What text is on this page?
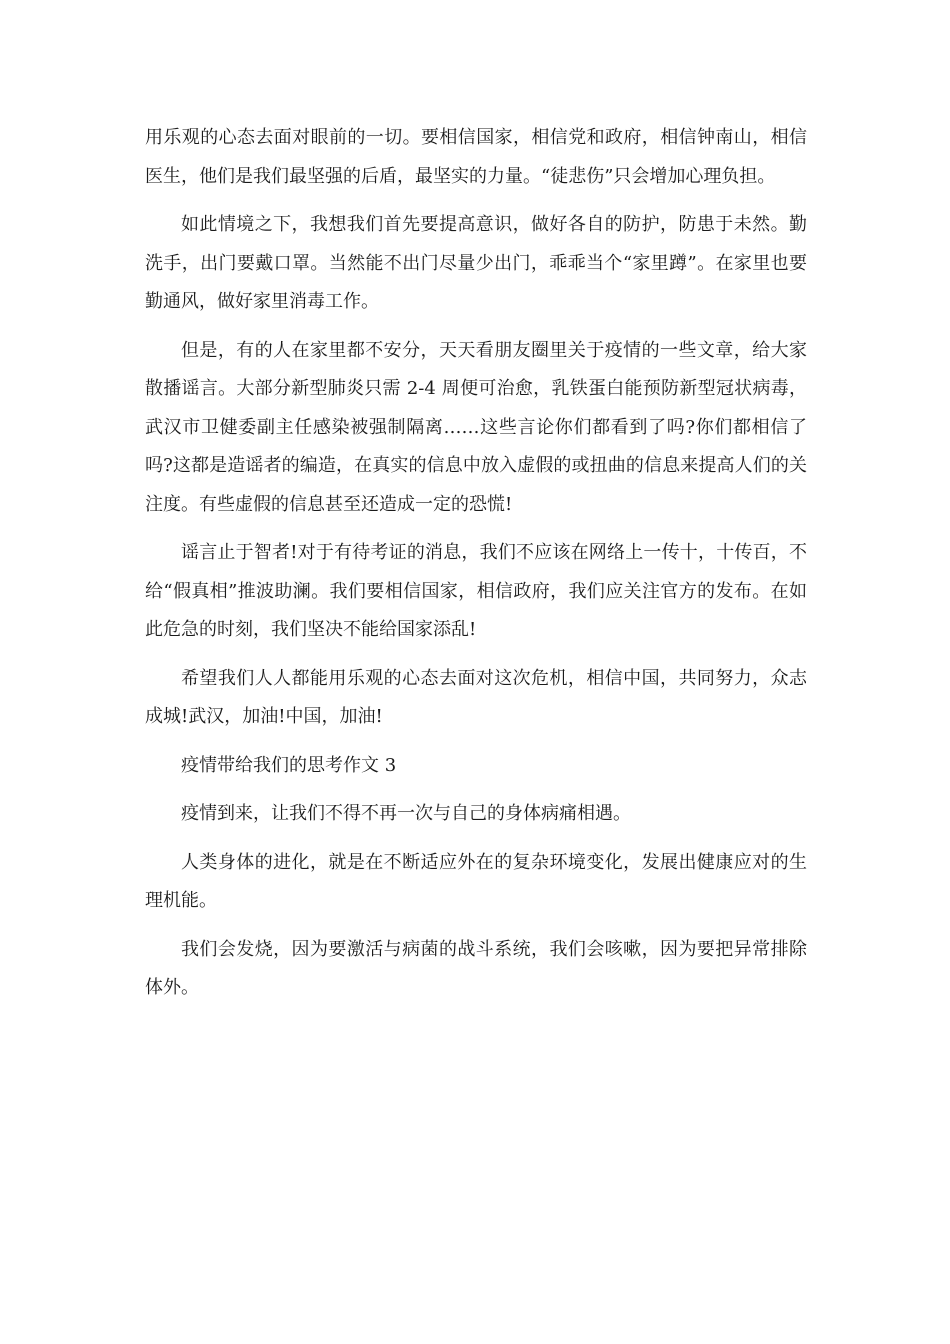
用乐观的心态去面对眼前的一切。要相信国家，相信党和政府，相信钟南山，相信医生，他们是我们最坚强的后盾，最坚实的力量。“徒悲伤”只会增加心理负担。

如此情境之下，我想我们首先要提高意识，做好各自的防护，防患于未然。勤洗手，出门要戴口罩。当然能不出门尽量少出门，乖乖当个“家里蹲”。在家里也要勤通风，做好家里消毒工作。

但是，有的人在家里都不安分，天天看朋友圈里关于疫情的一些文章，给大家散播谣言。大部分新型肺炎只需 2-4 周便可治愈，乳铁蛋白能预防新型冠状病毒，武汉市卫健委副主任感染被强制隔离……这些言论你们都看到了吗?你们都相信了吗?这都是造谣者的编造，在真实的信息中放入虚假的或扭曲的信息来提高人们的关注度。有些虚假的信息甚至还造成一定的恐慌!

谣言止于智者!对于有待考证的消息，我们不应该在网络上一传十，十传百，不给“假真相”推波助澜。我们要相信国家，相信政府，我们应关注官方的发布。在如此危急的时刻，我们坚决不能给国家添乱!

希望我们人人都能用乐观的心态去面对这次危机，相信中国，共同努力，众志成城!武汉，加油!中国，加油!

疫情带给我们的思考作文 3

疫情到来，让我们不得不再一次与自己的身体病痛相遇。

人类身体的进化，就是在不断适应外在的复杂环境变化，发展出健康应对的生理机能。

我们会发烧，因为要激活与病菌的战斗系统，我们会咳嗽，因为要把异常排除体外。
